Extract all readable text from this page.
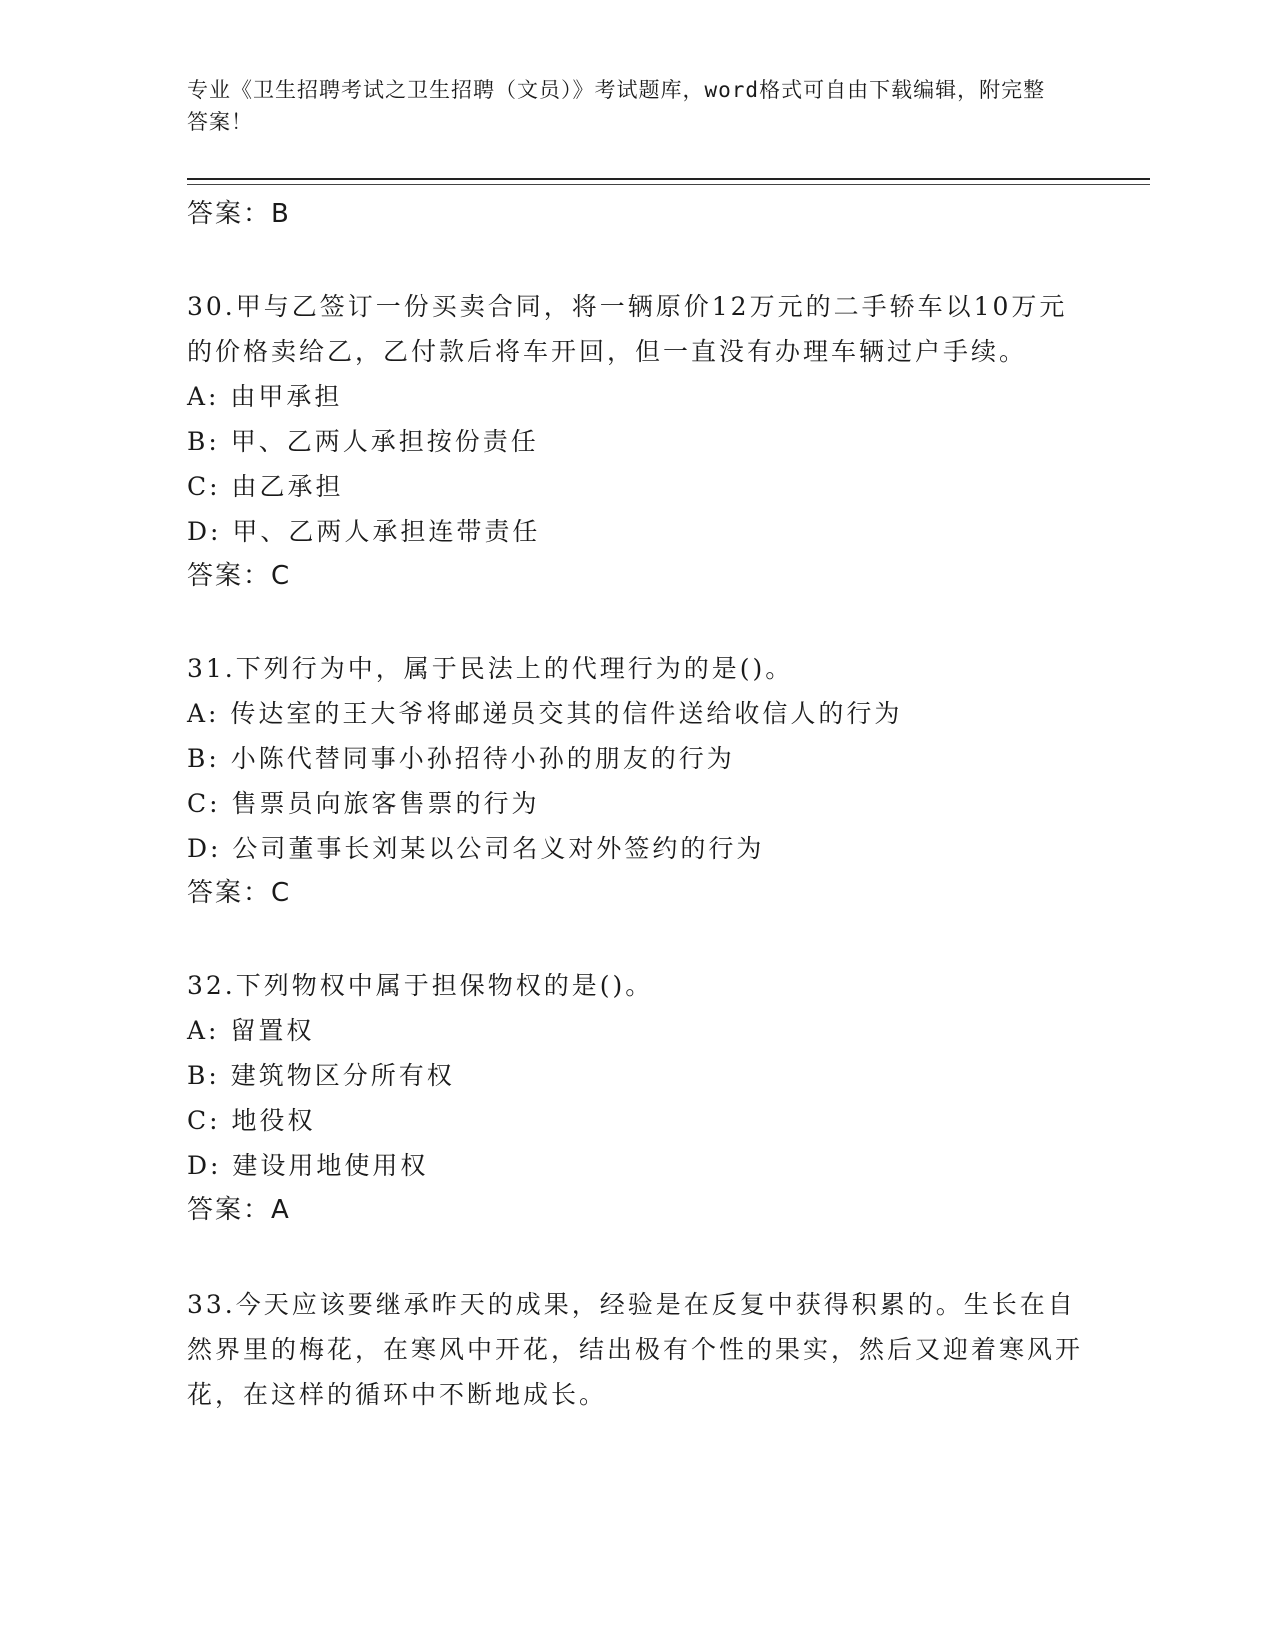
专业《卫生招聘考试之卫生招聘（文员）》考试题库，word格式可自由下载编辑，附完整答案！
答案：B
30.甲与乙签订一份买卖合同，将一辆原价12万元的二手轿车以10万元的价格卖给乙，乙付款后将车开回，但一直没有办理车辆过户手续。
A: 由甲承担
B: 甲、乙两人承担按份责任
C: 由乙承担
D: 甲、乙两人承担连带责任
答案：C
31.下列行为中，属于民法上的代理行为的是()。
A: 传达室的王大爷将邮递员交其的信件送给收信人的行为
B: 小陈代替同事小孙招待小孙的朋友的行为
C: 售票员向旅客售票的行为
D: 公司董事长刘某以公司名义对外签约的行为
答案：C
32.下列物权中属于担保物权的是()。
A: 留置权
B: 建筑物区分所有权
C: 地役权
D: 建设用地使用权
答案：A
33.今天应该要继承昨天的成果，经验是在反复中获得积累的。生长在自然界里的梅花，在寒风中开花，结出极有个性的果实，然后又迎着寒风开花，在这样的循环中不断地成长。
